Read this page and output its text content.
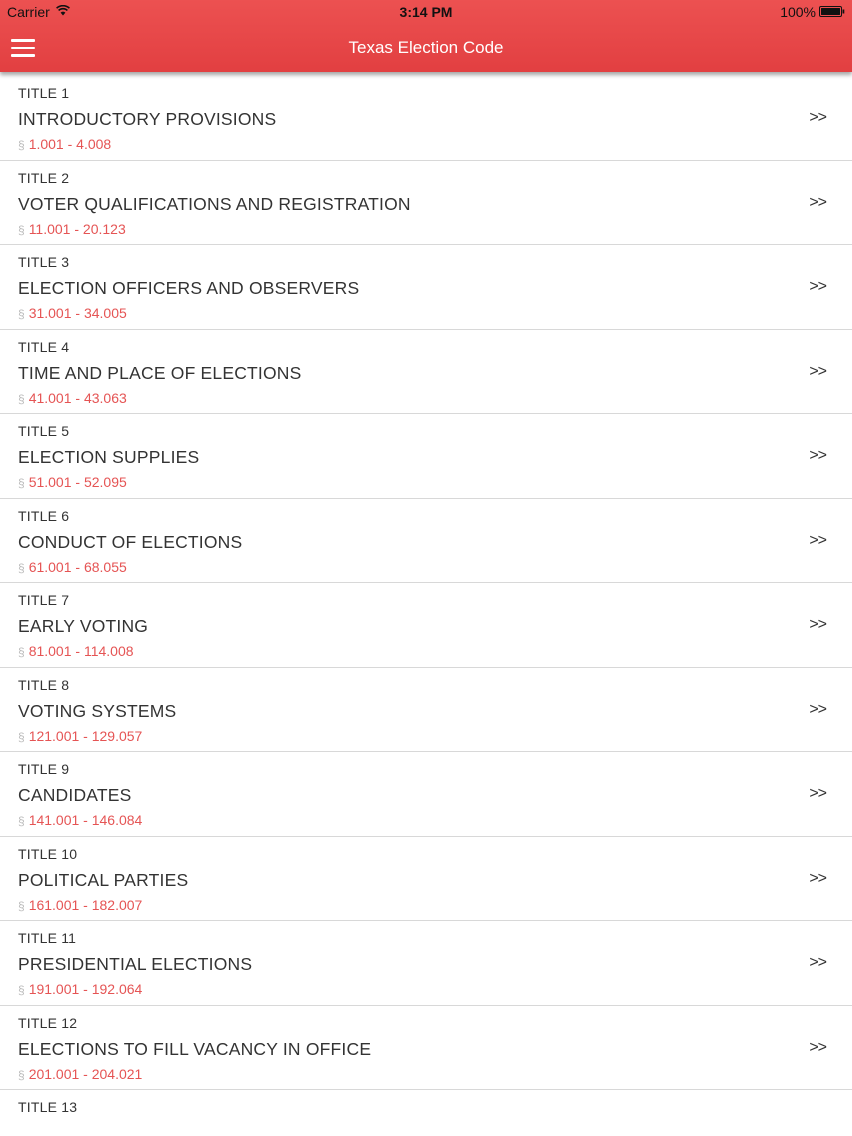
Carrier	3:14 PM	100%
Texas Election Code
TITLE 1
INTRODUCTORY PROVISIONS
§ 1.001 - 4.008
>>
TITLE 2
VOTER QUALIFICATIONS AND REGISTRATION
§ 11.001 - 20.123
>>
TITLE 3
ELECTION OFFICERS AND OBSERVERS
§ 31.001 - 34.005
>>
TITLE 4
TIME AND PLACE OF ELECTIONS
§ 41.001 - 43.063
>>
TITLE 5
ELECTION SUPPLIES
§ 51.001 - 52.095
>>
TITLE 6
CONDUCT OF ELECTIONS
§ 61.001 - 68.055
>>
TITLE 7
EARLY VOTING
§ 81.001 - 114.008
>>
TITLE 8
VOTING SYSTEMS
§ 121.001 - 129.057
>>
TITLE 9
CANDIDATES
§ 141.001 - 146.084
>>
TITLE 10
POLITICAL PARTIES
§ 161.001 - 182.007
>>
TITLE 11
PRESIDENTIAL ELECTIONS
§ 191.001 - 192.064
>>
TITLE 12
ELECTIONS TO FILL VACANCY IN OFFICE
§ 201.001 - 204.021
>>
TITLE 13
